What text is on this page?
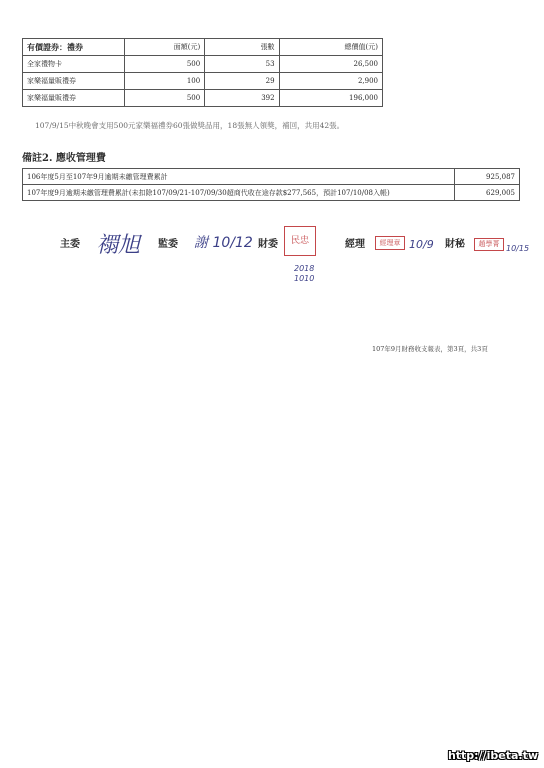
有價證券：禮券	面額(元)	張數	總價值(元)
全家禮物卡	500	53	26,500
家樂福量販禮券	100	29	2,900
家樂福量販禮券	500	392	196,000
107/9/15中秋晚會支用500元家樂福禮券60張做獎品用，18張無人領獎，補回，共用42張。
備註2. 應收管理費
106年度5月至107年9月逾期未繳管理費累計	925,087
107年度9月逾期未繳管理費累計(未扣除107/09/21-107/09/30超商代收在途存款$277,565，預計107/10/08入帳)	629,005
主委 禤旭 監委 謝 10/12 財委	民忠
2018 1010
經理	經理章 10/9 財秘	趙學菁 10/15
107年9月財務收支報表，第3頁，共3頁
http://ibeta.tw
